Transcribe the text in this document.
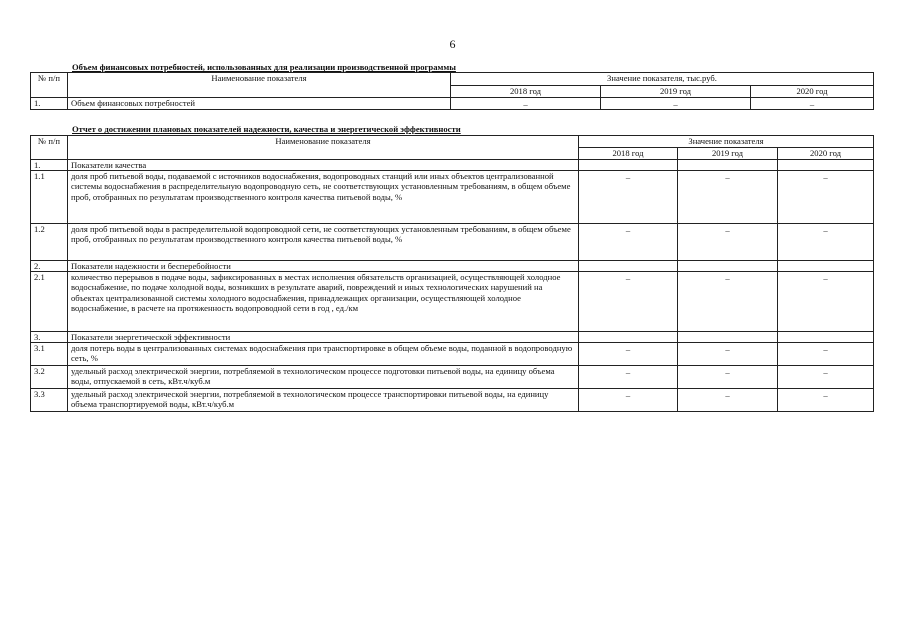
6
Объем финансовых потребностей, использованных для реализации производственной программы
№ п/п	Наименование показателя	Значение показателя, тыс.руб.		
		2018 год	2019 год	2020 год
1.	Объем финансовых потребностей	–	–	–
Отчет о достижении плановых показателей надежности, качества и энергетической эффективности
№ п/п	Наименование показателя	Значение показателя		
		2018 год	2019 год	2020 год
1.	Показатели качества			
1.1	доля проб питьевой воды, подаваемой с источников водоснабжения, водопроводных станций или иных объектов централизованной системы водоснабжения в распределительную водопроводную сеть, не соответствующих установленным требованиям, в общем объеме проб, отобранных по результатам производственного контроля качества питьевой воды, %	–	–	–
1.2	доля проб питьевой воды в распределительной водопроводной сети, не соответствующих установленным требованиям, в общем объеме проб, отобранных по результатам производственного контроля качества питьевой воды, %	–	–	–
2.	Показатели надежности и бесперебойности			
2.1	количество перерывов в подаче воды, зафиксированных в местах исполнения обязательств организацией, осуществляющей холодное водоснабжение, по подаче холодной воды, возникших в результате аварий, повреждений и иных технологических нарушений на объектах централизованной системы холодного водоснабжения, принадлежащих организации, осуществляющей холодное водоснабжение, в расчете на протяженность водопроводной сети в год , ед./км	–	–	–
3.	Показатели энергетической эффективности			
3.1	доля потерь воды в централизованных системах водоснабжения при транспортировке в общем объеме воды, поданной в водопроводную сеть, %	–	–	–
3.2	удельный расход электрической энергии, потребляемой в технологическом процессе подготовки питьевой воды, на единицу объема воды, отпускаемой в сеть, кВт.ч/куб.м	–	–	–
3.3	удельный расход электрической энергии, потребляемой в технологическом процессе транспортировки питьевой воды, на единицу объема транспортируемой воды, кВт.ч/куб.м	–	–	–
